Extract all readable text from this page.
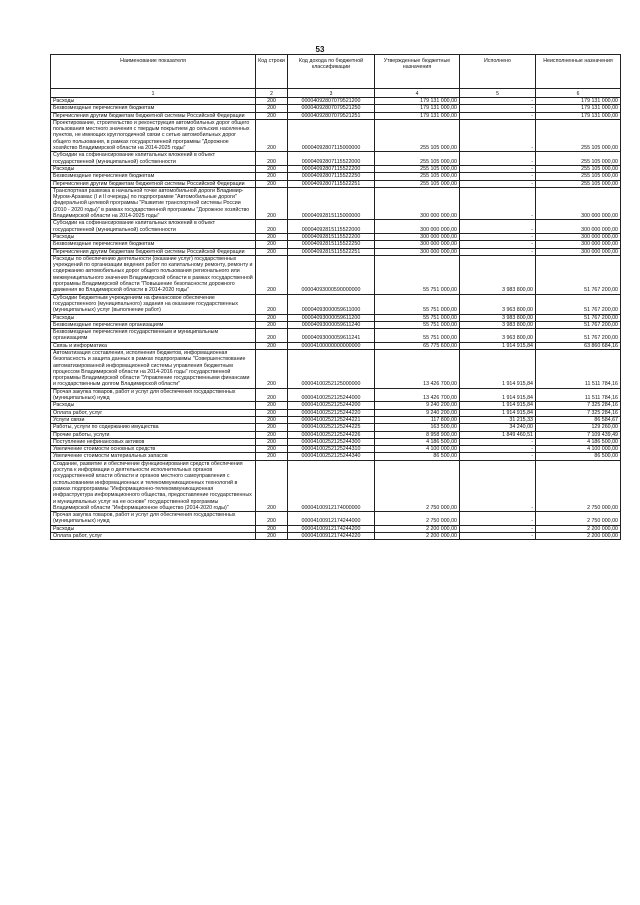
53
Наименование показателя	Код строки	Код дохода по бюджетной классификации	Утвержденные бюджетные назначения	Исполнено	Неисполненные назначения
1	2	3	4	5	6
Расходы	200	00004092807079521200	179 131 000,00	-	179 131 000,00
Безвозмездные перечисления бюджетам	200	00004092807079521250	179 131 000,00	-	179 131 000,00
Перечисления другим бюджетам бюджетной системы Российской Федерации	200	00004092807079521251	179 131 000,00	-	179 131 000,00
Проектирование, строительство и реконструкция автомобильных дорог общего пользования местного значения с твердым покрытием до сельских населенных пунктов, не имеющих круглогодичной связи с сетью автомобильных дорог общего пользования, в рамках государственной программы "Дорожное хозяйство Владимирской области на 2014-2025 годы"	200	00004092807115000000	255 105 000,00	-	255 105 000,00
Субсидии на софинансирование капитальных вложений в объект государственной (муниципальной) собственности	200	00004092807115522000	255 105 000,00	-	255 105 000,00
Расходы	200	00004092807115522200	255 105 000,00	-	255 105 000,00
Безвозмездные перечисления бюджетам	200	00004092807115522250	255 105 000,00	-	255 105 000,00
Перечисления другим бюджетам бюджетной системы Российской Федерации	200	00004092807115522251	255 105 000,00	-	255 105 000,00
Транспортная развязка в начальной точке автомобильной дороги Владимир-Муром-Арзамас (I и II очередь) по подпрограмме "Автомобильные дороги" федеральной целевой программы "Развитие транспортной системы России (2010 - 2020 годы)" в рамках государственной программы "Дорожное хозяйство Владимирской области на 2014-2025 годы"	200	00004092815115000000	300 000 000,00	-	300 000 000,00
Субсидии на софинансирование капитальных вложений в объект государственной (муниципальной) собственности	200	00004092815115522000	300 000 000,00	-	300 000 000,00
Расходы	200	00004092815115522200	300 000 000,00	-	300 000 000,00
Безвозмездные перечисления бюджетам	200	00004092815115522250	300 000 000,00	-	300 000 000,00
Перечисления другим бюджетам бюджетной системы Российской Федерации	200	00004092815115522251	300 000 000,00	-	300 000 000,00
Расходы по обеспечению деятельности (оказание услуг) государственных учреждений по организации ведения работ по капитальному ремонту, ремонту и содержанию автомобильных дорог общего пользования регионального или межмуниципального значения Владимирской области в рамках государственной программы Владимирской области "Повышение безопасности дорожного движения во Владимирской области в 2014-2020 годы"	200	00004093000590000000	55 751 000,00	3 983 800,00	51 767 200,00
Субсидии бюджетным учреждениям на финансовое обеспечение государственного (муниципального) задания на оказание государственных (муниципальных) услуг (выполнение работ)	200	00004093000059611000	55 751 000,00	3 963 800,00	51 767 200,00
Расходы	200	00004093000059611200	55 751 000,00	3 983 800,00	51 767 200,00
Безвозмездные перечисления организациям	200	00004093000059611240	55 751 000,00	3 983 800,00	51 767 200,00
Безвозмездные перечисления государственным и муниципальным организациям	200	00004093000059611241	55 751 000,00	3 963 800,00	51 767 200,00
Связь и информатика	200	00004100000000000000	65 775 600,00	1 914 915,84	63 860 684,16
Автоматизация составления, исполнения бюджетов, информационная безопасность и защита данных в рамках подпрограммы "Совершенствование автоматизированной информационной системы управления бюджетным процессом Владимирской области на 2014-2016 годы" государственной программы Владимирской области "Управление государственными финансами и государственным долгом Владимирской области"	200	00004100252125000000	13 426 700,00	1 914 915,84	11 511 784,16
Прочая закупка товаров, работ и услуг для обеспечения государственных (муниципальных) нужд	200	00004100252125244000	13 426 700,00	1 914 915,84	11 511 784,16
Расходы	200	00004100252125244200	9 240 200,00	1 914 915,84	7 325 284,16
Оплата работ, услуг	200	00004100252125244220	9 240 200,00	1 914 915,84	7 325 284,16
Услуги связи	200	00004100252125244221	117 800,00	31 215,33	86 584,67
Работы, услуги по содержанию имущества	200	00004100252125244225	163 500,00	34 240,00	129 260,00
Прочие работы, услуги	200	00004100252125244226	8 958 900,00	1 849 460,51	7 109 439,49
Поступление нефинансовых активов	200	00004100252125244300	4 186 500,00	-	4 186 500,00
Увеличение стоимости основных средств	200	00004100252125244310	4 100 000,00	-	4 100 000,00
Увеличение стоимости материальных запасов	200	00004100252125244340	86 500,00	-	86 500,00
Создание, развитие и обеспечение функционирования средств обеспечения доступа к информации о деятельности исполнительных органов государственной власти области и органов местного самоуправления с использованием информационных и телекоммуникационных технологий в рамках подпрограммы "Информационно-телекоммуникационная инфраструктура информационного общества, предоставление государственных и муниципальных услуг на ее основе" государственной программы Владимирской области "Информационное общество (2014-2020 годы)"	200	00004100912174000000	2 750 000,00	-	2 750 000,00
Прочая закупка товаров, работ и услуг для обеспечения государственных (муниципальных) нужд	200	00004100912174244000	2 750 000,00	-	2 750 000,00
Расходы	200	00004100912174244200	2 200 000,00	-	2 200 000,00
Оплата работ, услуг	200	00004100912174244220	2 200 000,00	-	2 200 000,00
